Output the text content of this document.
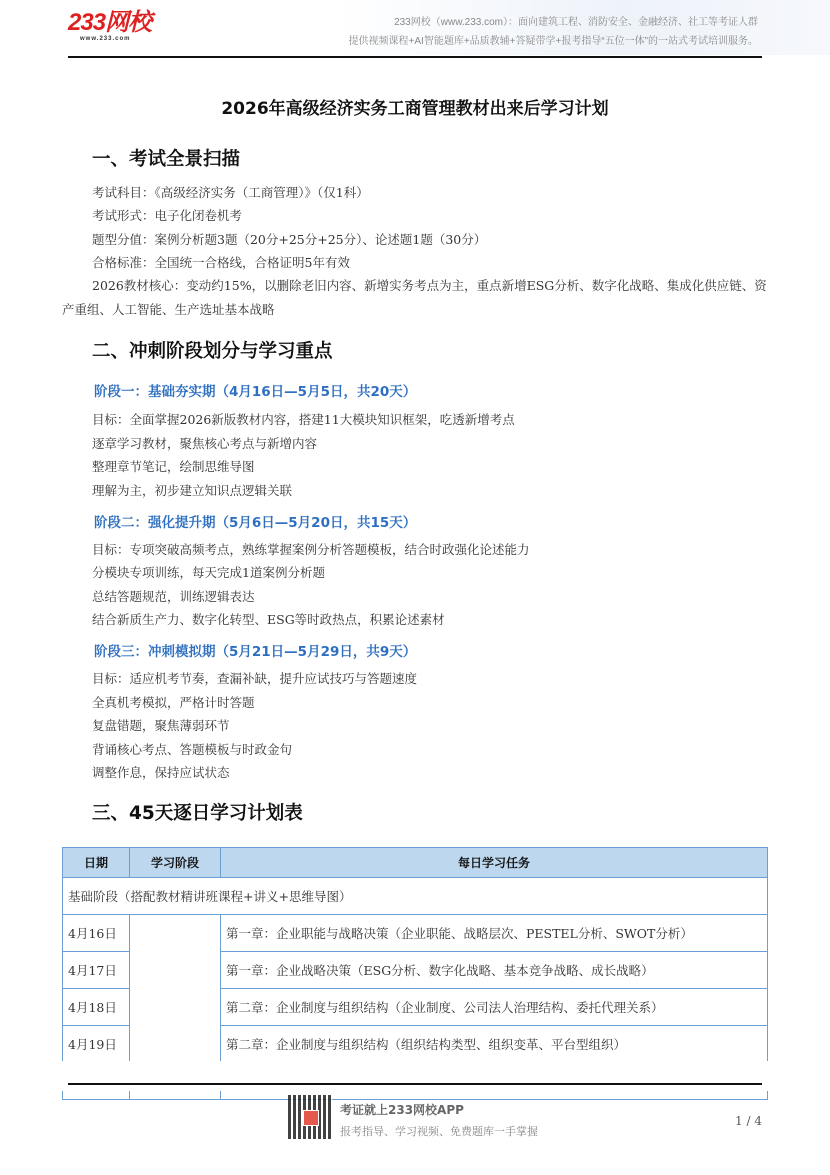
233网校
www.233.com
233网校（www.233.com）：面向建筑工程、消防安全、金融经济、社工等考证人群
提供视频课程+AI智能题库+品质教辅+答疑带学+报考指导“五位一体”的一站式考试培训服务。
2026年高级经济实务工商管理教材出来后学习计划
一、考试全景扫描
考试科目：《高级经济实务（工商管理）》（仅1科）
考试形式：电子化闭卷机考
题型分值：案例分析题3题（20分+25分+25分）、论述题1题（30分）
合格标准：全国统一合格线，合格证明5年有效
2026教材核心：变动约15%，以删除老旧内容、新增实务考点为主，重点新增ESG分析、数字化战略、集成化供应链、资产重组、人工智能、生产选址基本战略
二、冲刺阶段划分与学习重点
阶段一：基础夯实期（4月16日—5月5日，共20天）
目标：全面掌握2026新版教材内容，搭建11大模块知识框架，吃透新增考点
逐章学习教材，聚焦核心考点与新增内容
整理章节笔记，绘制思维导图
理解为主，初步建立知识点逻辑关联
阶段二：强化提升期（5月6日—5月20日，共15天）
目标：专项突破高频考点，熟练掌握案例分析答题模板，结合时政强化论述能力
分模块专项训练，每天完成1道案例分析题
总结答题规范，训练逻辑表达
结合新质生产力、数字化转型、ESG等时政热点，积累论述素材
阶段三：冲刺模拟期（5月21日—5月29日，共9天）
目标：适应机考节奏，查漏补缺，提升应试技巧与答题速度
全真机考模拟，严格计时答题
复盘错题，聚焦薄弱环节
背诵核心考点、答题模板与时政金句
调整作息，保持应试状态
三、45天逐日学习计划表
日期	学习阶段	每日学习任务
基础阶段（搭配教材精讲班课程+讲义+思维导图）		
4月16日		第一章：企业职能与战略决策（企业职能、战略层次、PESTEL分析、SWOT分析）
4月17日		第一章：企业战略决策（ESG分析、数字化战略、基本竞争战略、成长战略）
4月18日		第二章：企业制度与组织结构（企业制度、公司法人治理结构、委托代理关系）
4月19日		第二章：企业制度与组织结构（组织结构类型、组织变革、平台型组织）

考证就上233网校APP
报考指导、学习视频、免费题库一手掌握
1 / 4
